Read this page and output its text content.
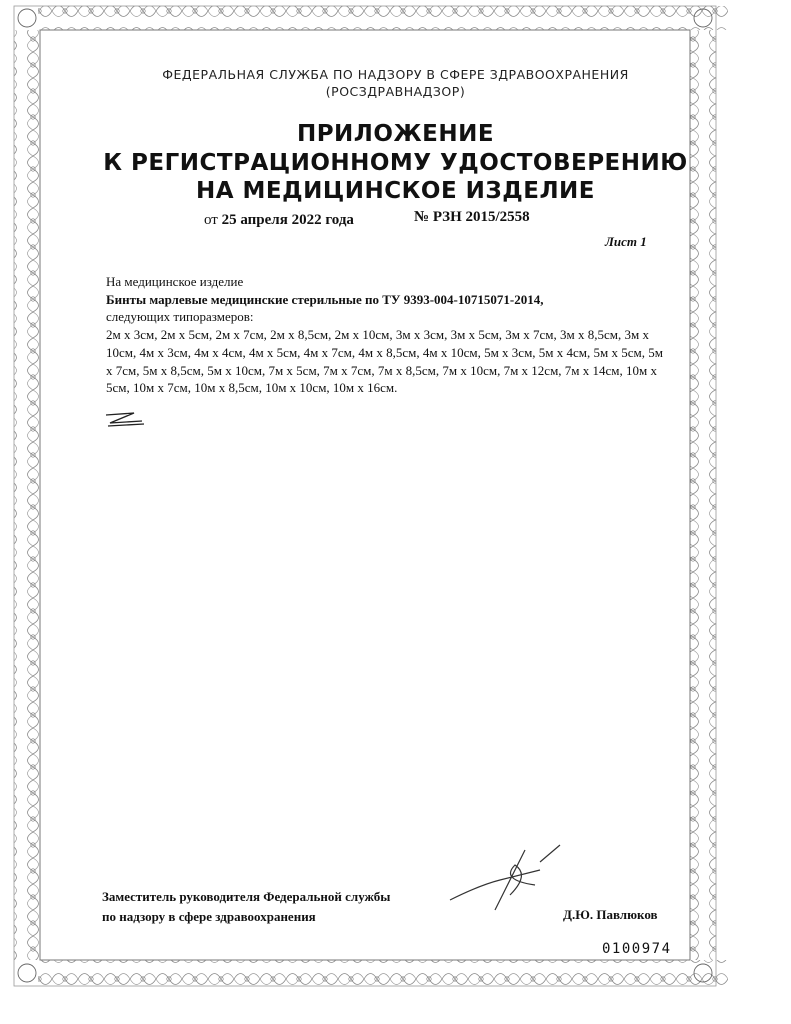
ФЕДЕРАЛЬНАЯ СЛУЖБА ПО НАДЗОРУ В СФЕРЕ ЗДРАВООХРАНЕНИЯ
(РОСЗДРАВНАДЗОР)
ПРИЛОЖЕНИЕ
К РЕГИСТРАЦИОННОМУ УДОСТОВЕРЕНИЮ
НА МЕДИЦИНСКОЕ ИЗДЕЛИЕ
от 25 апреля 2022 года	№ РЗН 2015/2558
Лист 1
На медицинское изделие
Бинты марлевые медицинские стерильные по ТУ 9393-004-10715071-2014,
следующих типоразмеров:
2м х 3см, 2м х 5см, 2м х 7см, 2м х 8,5см, 2м х 10см, 3м х 3см, 3м х 5см, 3м х 7см, 3м х 8,5см, 3м х 10см, 4м х 3см, 4м х 4см, 4м х 5см, 4м х 7см, 4м х 8,5см, 4м х 10см, 5м х 3см, 5м х 4см, 5м х 5см, 5м х 7см, 5м х 8,5см, 5м х 10см, 7м х 5см, 7м х 7см, 7м х 8,5см, 7м х 10см, 7м х 12см, 7м х 14см, 10м х 5см, 10м х 7см, 10м х 8,5см, 10м х 10см, 10м х 16см.
Заместитель руководителя Федеральной службы
по надзору в сфере здравоохранения	Д.Ю. Павлюков
0100974
